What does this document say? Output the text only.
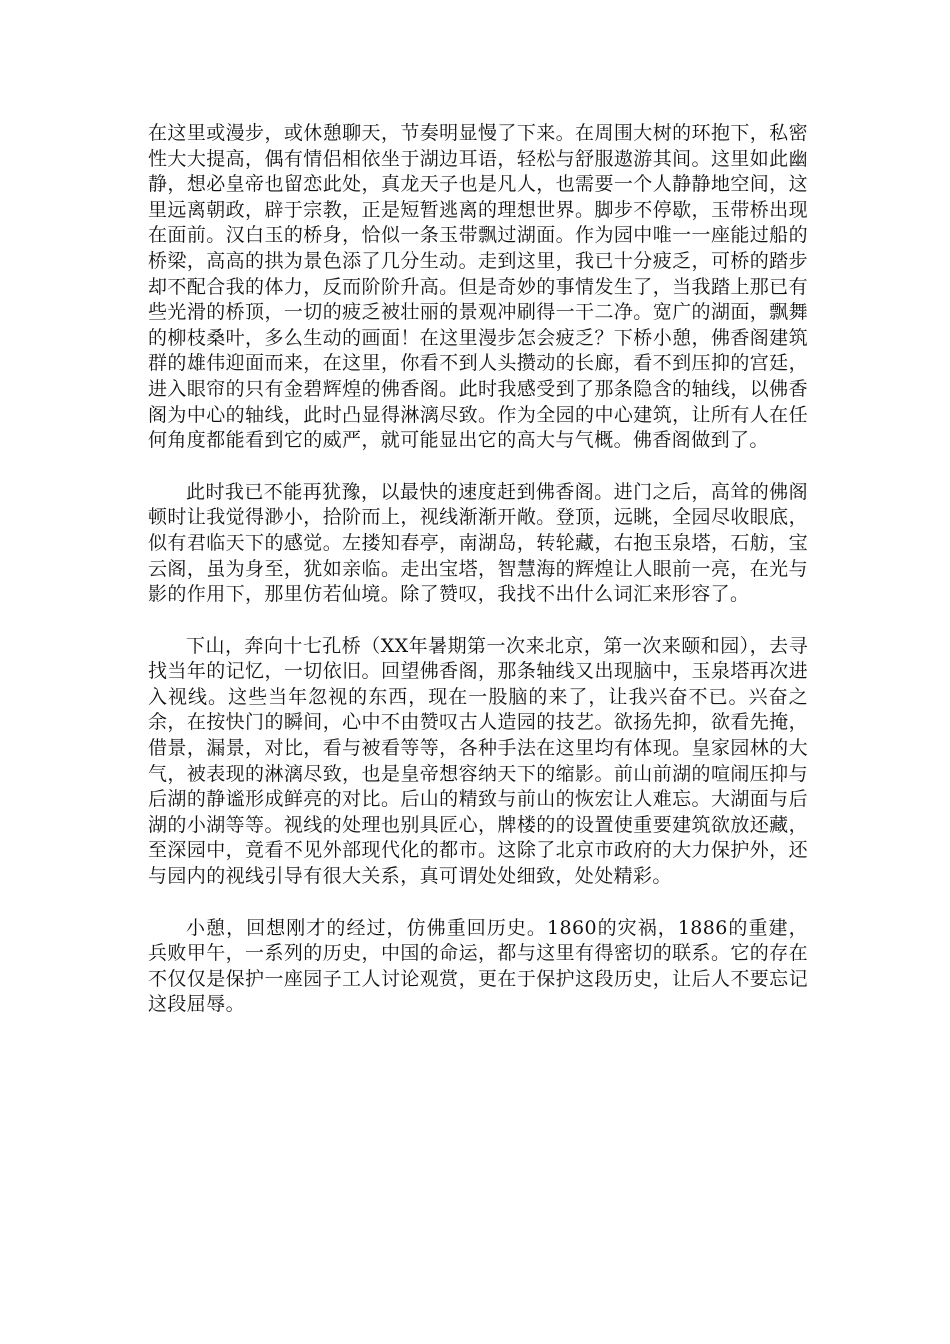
在这里或漫步，或休憩聊天，节奏明显慢了下来。在周围大树的环抱下，私密性大大提高，偶有情侣相依坐于湖边耳语，轻松与舒服遨游其间。这里如此幽静，想必皇帝也留恋此处，真龙天子也是凡人，也需要一个人静静地空间，这里远离朝政，辟于宗教，正是短暂逃离的理想世界。脚步不停歇，玉带桥出现在面前。汉白玉的桥身，恰似一条玉带飘过湖面。作为园中唯一一座能过船的桥梁，高高的拱为景色添了几分生动。走到这里，我已十分疲乏，可桥的踏步却不配合我的体力，反而阶阶升高。但是奇妙的事情发生了，当我踏上那已有些光滑的桥顶，一切的疲乏被壮丽的景观冲刷得一干二净。宽广的湖面，飘舞的柳枝桑叶，多么生动的画面！在这里漫步怎会疲乏？下桥小憩，佛香阁建筑群的雄伟迎面而来，在这里，你看不到人头攒动的长廊，看不到压抑的宫廷，进入眼帘的只有金碧辉煌的佛香阁。此时我感受到了那条隐含的轴线，以佛香阁为中心的轴线，此时凸显得淋漓尽致。作为全园的中心建筑，让所有人在任何角度都能看到它的威严，就可能显出它的高大与气概。佛香阁做到了。

此时我已不能再犹豫，以最快的速度赶到佛香阁。进门之后，高耸的佛阁顿时让我觉得渺小，拾阶而上，视线渐渐开敞。登顶，远眺，全园尽收眼底，似有君临天下的感觉。左搂知春亭，南湖岛，转轮藏，右抱玉泉塔，石舫，宝云阁，虽为身至，犹如亲临。走出宝塔，智慧海的辉煌让人眼前一亮，在光与影的作用下，那里仿若仙境。除了赞叹，我找不出什么词汇来形容了。

下山，奔向十七孔桥（XX年暑期第一次来北京，第一次来颐和园），去寻找当年的记忆，一切依旧。回望佛香阁，那条轴线又出现脑中，玉泉塔再次进入视线。这些当年忽视的东西，现在一股脑的来了，让我兴奋不已。兴奋之余，在按快门的瞬间，心中不由赞叹古人造园的技艺。欲扬先抑，欲看先掩，借景，漏景，对比，看与被看等等，各种手法在这里均有体现。皇家园林的大气，被表现的淋漓尽致，也是皇帝想容纳天下的缩影。前山前湖的喧闹压抑与后湖的静谧形成鲜亮的对比。后山的精致与前山的恢宏让人难忘。大湖面与后湖的小湖等等。视线的处理也别具匠心，牌楼的的设置使重要建筑欲放还藏，至深园中，竟看不见外部现代化的都市。这除了北京市政府的大力保护外，还与园内的视线引导有很大关系，真可谓处处细致，处处精彩。

小憩，回想刚才的经过，仿佛重回历史。1860的灾祸，1886的重建，兵败甲午，一系列的历史，中国的命运，都与这里有得密切的联系。它的存在不仅仅是保护一座园子工人讨论观赏，更在于保护这段历史，让后人不要忘记这段屈辱。
